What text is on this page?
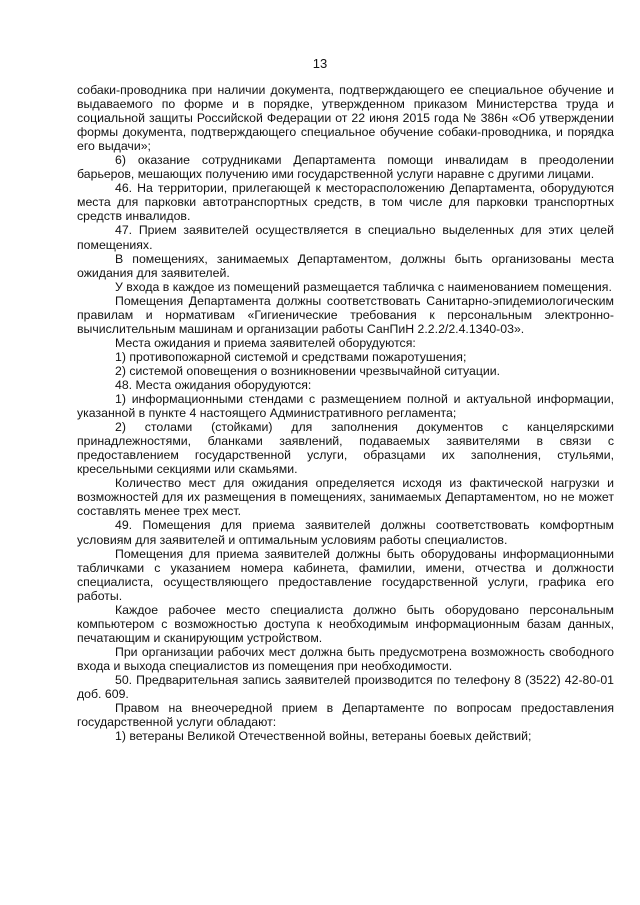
13

собаки-проводника при наличии документа, подтверждающего ее специальное обучение и выдаваемого по форме и в порядке, утвержденном приказом Министерства труда и социальной защиты Российской Федерации от 22 июня 2015 года № 386н «Об утверждении формы документа, подтверждающего специальное обучение собаки-проводника, и порядка его выдачи»;

6) оказание сотрудниками Департамента помощи инвалидам в преодолении барьеров, мешающих получению ими государственной услуги наравне с другими лицами.

46. На территории, прилегающей к месторасположению Департамента, оборудуются места для парковки автотранспортных средств, в том числе для парковки транспортных средств инвалидов.

47. Прием заявителей осуществляется в специально выделенных для этих целей помещениях.

В помещениях, занимаемых Департаментом, должны быть организованы места ожидания для заявителей.

У входа в каждое из помещений размещается табличка с наименованием помещения.

Помещения Департамента должны соответствовать Санитарно-эпидемиологическим правилам и нормативам «Гигиенические требования к персональным электронно-вычислительным машинам и организации работы СанПиН 2.2.2/2.4.1340-03».

Места ожидания и приема заявителей оборудуются:

1) противопожарной системой и средствами пожаротушения;

2) системой оповещения о возникновении чрезвычайной ситуации.

48. Места ожидания оборудуются:

1) информационными стендами с размещением полной и актуальной информации, указанной в пункте 4 настоящего Административного регламента;

2) столами (стойками) для заполнения документов с канцелярскими принадлежностями, бланками заявлений, подаваемых заявителями в связи с предоставлением государственной услуги, образцами их заполнения, стульями, кресельными секциями или скамьями.

Количество мест для ожидания определяется исходя из фактической нагрузки и возможностей для их размещения в помещениях, занимаемых Департаментом, но не может составлять менее трех мест.

49. Помещения для приема заявителей должны соответствовать комфортным условиям для заявителей и оптимальным условиям работы специалистов.

Помещения для приема заявителей должны быть оборудованы информационными табличками с указанием номера кабинета, фамилии, имени, отчества и должности специалиста, осуществляющего предоставление государственной услуги, графика его работы.

Каждое рабочее место специалиста должно быть оборудовано персональным компьютером с возможностью доступа к необходимым информационным базам данных, печатающим и сканирующим устройством.

При организации рабочих мест должна быть предусмотрена возможность свободного входа и выхода специалистов из помещения при необходимости.

50. Предварительная запись заявителей производится по телефону 8 (3522) 42-80-01 доб. 609.

Правом на внеочередной прием в Департаменте по вопросам предоставления государственной услуги обладают:

1) ветераны Великой Отечественной войны, ветераны боевых действий;
